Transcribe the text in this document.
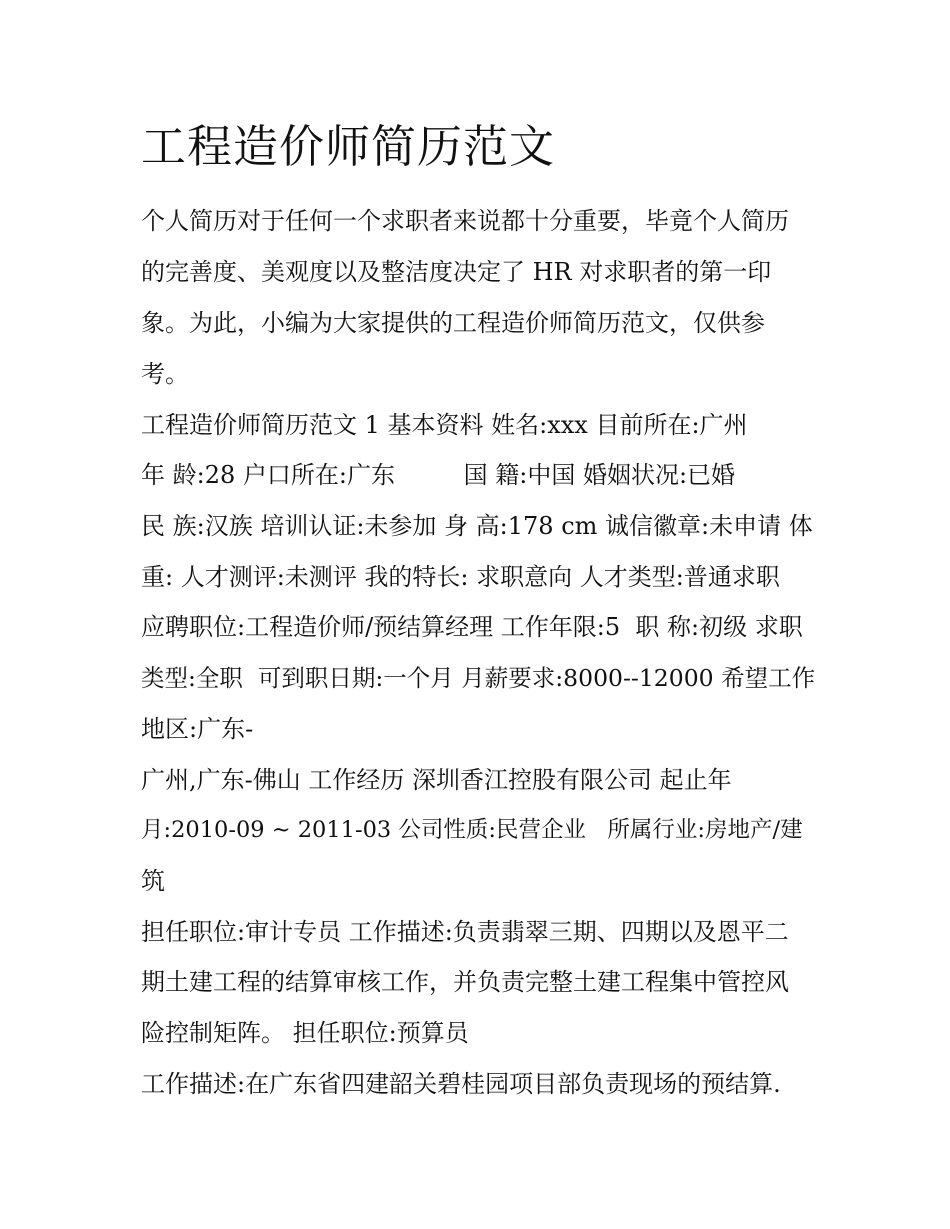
工程造价师简历范文

个人简历对于任何一个求职者来说都十分重要，毕竟个人简历

的完善度、美观度以及整洁度决定了 HR 对求职者的第一印

象。为此，小编为大家提供的工程造价师简历范文，仅供参

考。

工程造价师简历范文 1 基本资料 姓名:xxx 目前所在:广州

年 龄:28 户口所在:广东         国 籍:中国 婚姻状况:已婚

民 族:汉族 培训认证:未参加 身 高:178 cm 诚信徽章:未申请 体

重: 人才测评:未测评 我的特长: 求职意向 人才类型:普通求职

应聘职位:工程造价师/预结算经理 工作年限:5  职 称:初级 求职

类型:全职  可到职日期:一个月 月薪要求:8000--12000 希望工作

地区:广东-

广州,广东-佛山 工作经历 深圳香江控股有限公司 起止年

月:2010-09 ~ 2011-03 公司性质:民营企业   所属行业:房地产/建

筑

担任职位:审计专员 工作描述:负责翡翠三期、四期以及恩平二

期土建工程的结算审核工作，并负责完整土建工程集中管控风

险控制矩阵。 担任职位:预算员

工作描述:在广东省四建韶关碧桂园项目部负责现场的预结算.
